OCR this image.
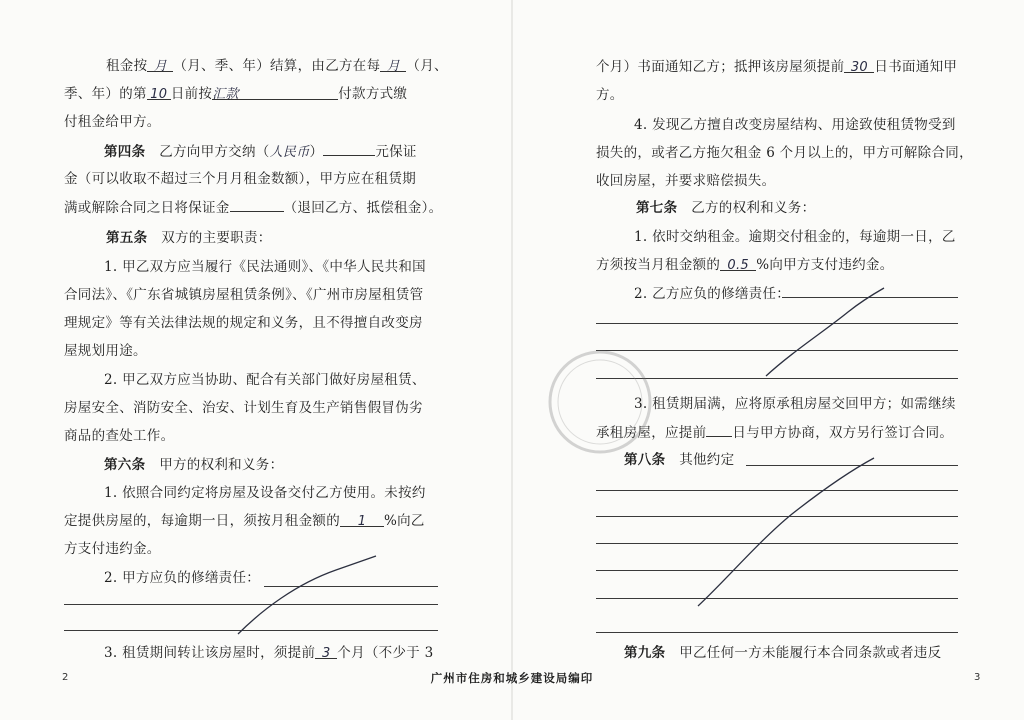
租金按 月 （月、季、年）结算，由乙方在每 月 （月、
季、年）的第 10 日前按汇款	付款方式缴
付租金给甲方。
第四条 乙方向甲方交纳（人民币）	元保证
金（可以收取不超过三个月月租金数额），甲方应在租赁期
满或解除合同之日将保证金	（退回乙方、抵偿租金）。
第五条 双方的主要职责：
1. 甲乙双方应当履行《民法通则》、《中华人民共和国
合同法》、《广东省城镇房屋租赁条例》、《广州市房屋租赁管
理规定》等有关法律法规的规定和义务，且不得擅自改变房
屋规划用途。
2. 甲乙双方应当协助、配合有关部门做好房屋租赁、
房屋安全、消防安全、治安、计划生育及生产销售假冒伪劣
商品的查处工作。
第六条 甲方的权利和义务：
1. 依照合同约定将房屋及设备交付乙方使用。未按约
定提供房屋的，每逾期一日，须按月租金额的 1 %向乙
方支付违约金。
2. 甲方应负的修缮责任：
3. 租赁期间转让该房屋时，须提前 3 个月（不少于 3
2
个月）书面通知乙方；抵押该房屋须提前 30 日书面通知甲
方。
4. 发现乙方擅自改变房屋结构、用途致使租赁物受到
损失的，或者乙方拖欠租金 6 个月以上的，甲方可解除合同，
收回房屋，并要求赔偿损失。
第七条 乙方的权利和义务：
1. 依时交纳租金。逾期交付租金的，每逾期一日，乙
方须按当月租金额的 0.5 %向甲方支付违约金。
2. 乙方应负的修缮责任：
3. 租赁期届满，应将原承租房屋交回甲方；如需继续
承租房屋，应提前 日与甲方协商，双方另行签订合同。
第八条 其他约定
第九条 甲乙任何一方未能履行本合同条款或者违反
3
广州市住房和城乡建设局编印
